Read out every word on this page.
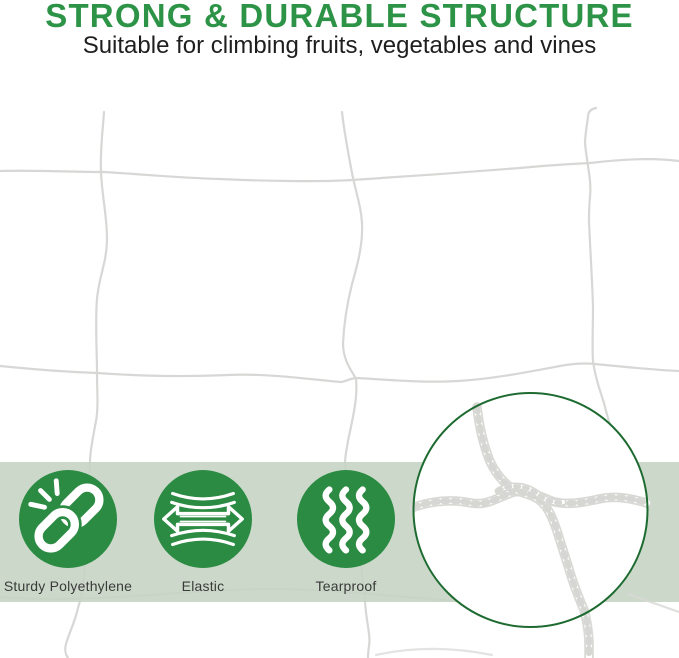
STRONG & DURABLE STRUCTURE
Suitable for climbing fruits, vegetables and vines
Sturdy Polyethylene	Elastic	Tearproof
